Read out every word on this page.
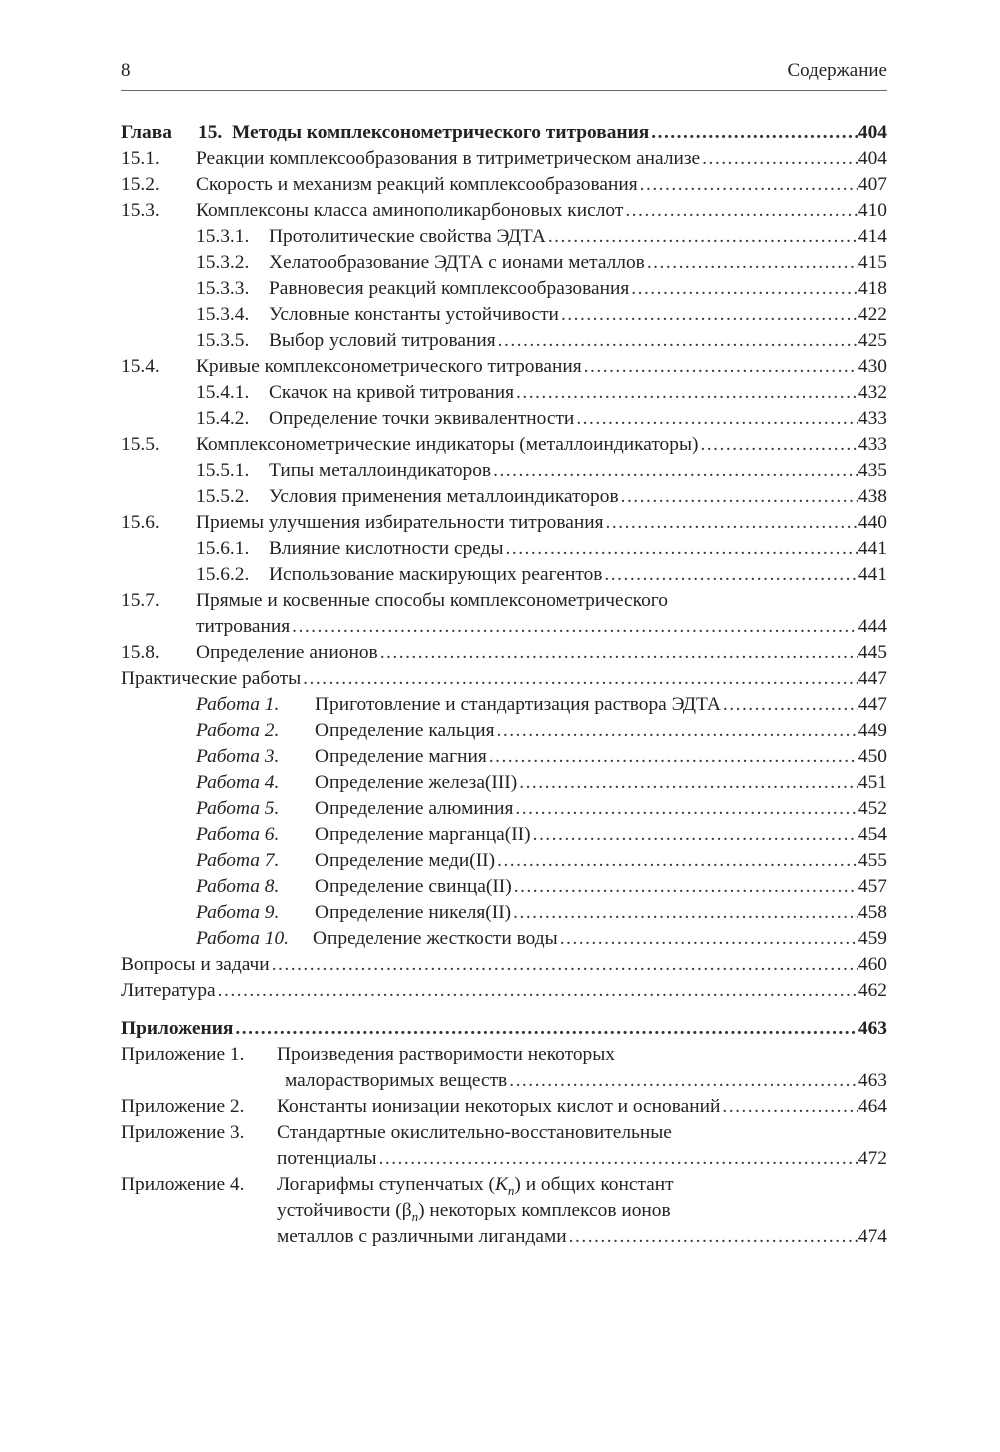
8	Содержание
Глава 15. Методы комплексонометрического титрования .....	404
15.1. Реакции комплексообразования в титриметрическом анализе .....	404
15.2. Скорость и механизм реакций комплексообразования .....	407
15.3. Комплексоны класса аминополикарбоновых кислот .....	410
15.3.1. Протолитические свойства ЭДТА .....	414
15.3.2. Хелатообразование ЭДТА с ионами металлов .....	415
15.3.3. Равновесия реакций комплексообразования .....	418
15.3.4. Условные константы устойчивости .....	422
15.3.5. Выбор условий титрования .....	425
15.4. Кривые комплексонометрического титрования .....	430
15.4.1. Скачок на кривой титрования .....	432
15.4.2. Определение точки эквивалентности .....	433
15.5. Комплексонометрические индикаторы (металлоиндикаторы) .....	433
15.5.1. Типы металлоиндикаторов .....	435
15.5.2. Условия применения металлоиндикаторов .....	438
15.6. Приемы улучшения избирательности титрования .....	440
15.6.1. Влияние кислотности среды .....	441
15.6.2. Использование маскирующих реагентов .....	441
15.7. Прямые и косвенные способы комплексонометрического
титрования .....	444
15.8. Определение анионов .....	445
Практические работы .....	447
Работа 1. Приготовление и стандартизация раствора ЭДТА .....	447
Работа 2. Определение кальция .....	449
Работа 3. Определение магния .....	450
Работа 4. Определение железа(III) .....	451
Работа 5. Определение алюминия .....	452
Работа 6. Определение марганца(II) .....	454
Работа 7. Определение меди(II) .....	455
Работа 8. Определение свинца(II) .....	457
Работа 9. Определение никеля(II) .....	458
Работа 10. Определение жесткости воды .....	459
Вопросы и задачи .....	460
Литература .....	462
Приложения .....	463
Приложение 1. Произведения растворимости некоторых
малорастворимых веществ .....	463
Приложение 2. Константы ионизации некоторых кислот и оснований .....	464
Приложение 3. Стандартные окислительно-восстановительные
потенциалы .....	472
Приложение 4. Логарифмы ступенчатых $(K_n)$ и общих констант
устойчивости $(\beta_n)$ некоторых комплексов ионов
металлов с различными лигандами .....	474
